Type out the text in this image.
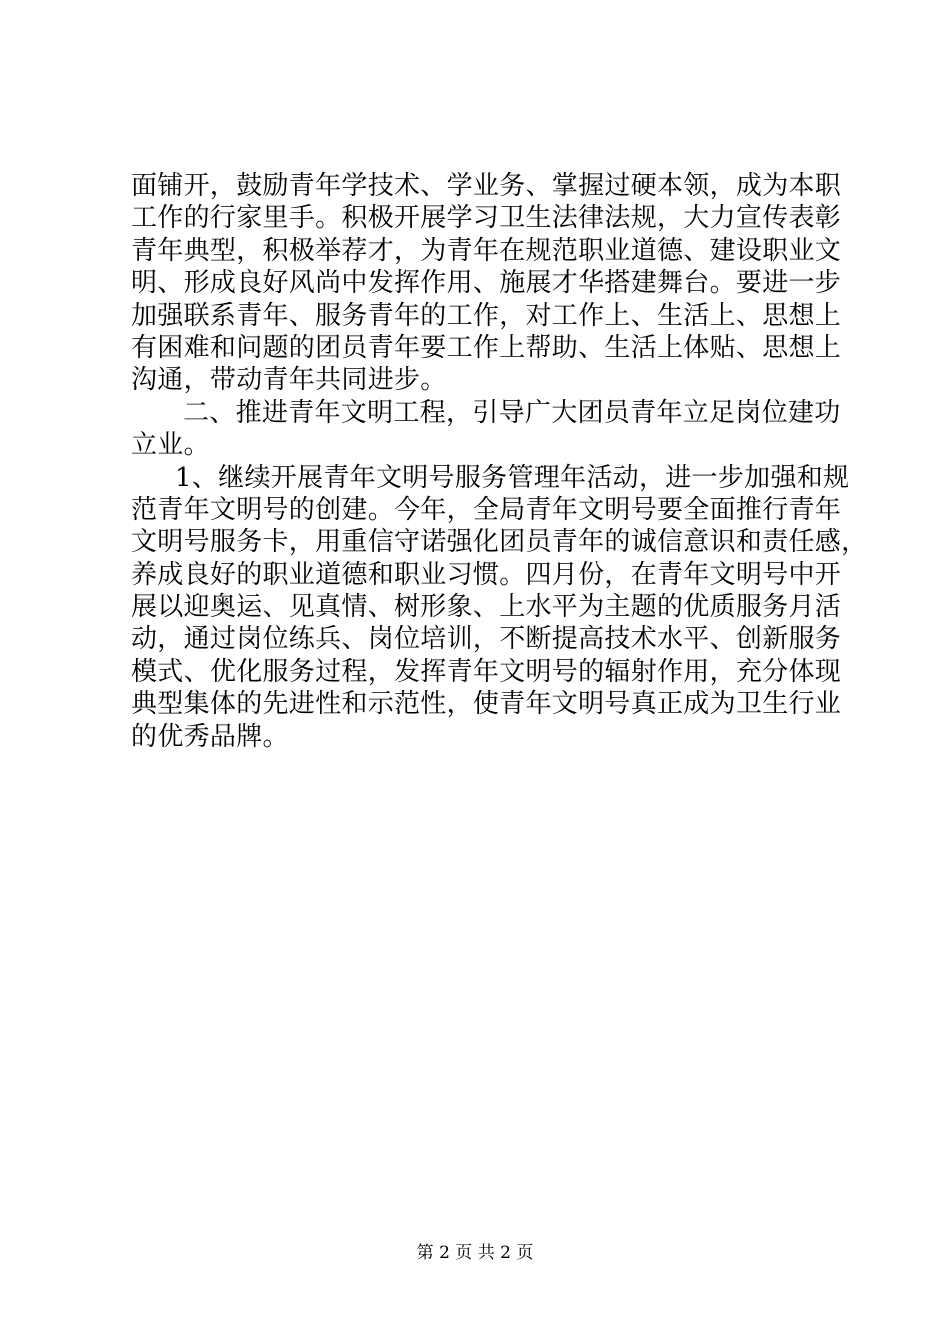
面铺开，鼓励青年学技术、学业务、掌握过硬本领，成为本职
工作的行家里手。积极开展学习卫生法律法规，大力宣传表彰
青年典型，积极举荐才，为青年在规范职业道德、建设职业文
明、形成良好风尚中发挥作用、施展才华搭建舞台。要进一步
加强联系青年、服务青年的工作，对工作上、生活上、思想上
有困难和问题的团员青年要工作上帮助、生活上体贴、思想上
沟通，带动青年共同进步。
二、推进青年文明工程，引导广大团员青年立足岗位建功
立业。
1、继续开展青年文明号服务管理年活动，进一步加强和规
范青年文明号的创建。今年，全局青年文明号要全面推行青年
文明号服务卡，用重信守诺强化团员青年的诚信意识和责任感，
养成良好的职业道德和职业习惯。四月份，在青年文明号中开
展以迎奥运、见真情、树形象、上水平为主题的优质服务月活
动，通过岗位练兵、岗位培训，不断提高技术水平、创新服务
模式、优化服务过程，发挥青年文明号的辐射作用，充分体现
典型集体的先进性和示范性，使青年文明号真正成为卫生行业
的优秀品牌。
第 2 页 共 2 页
